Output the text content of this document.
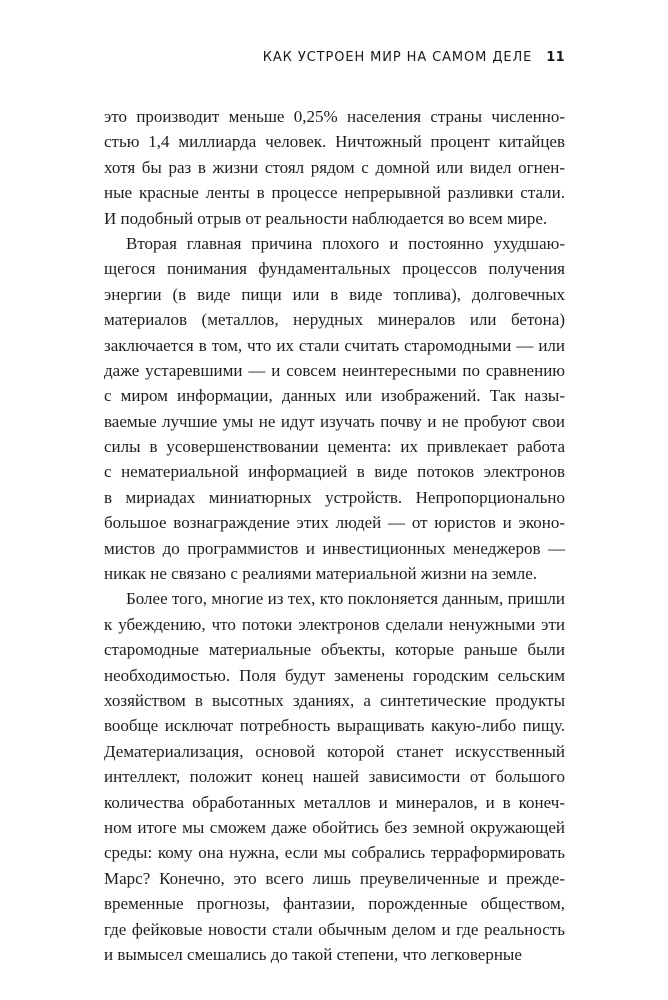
КАК УСТРОЕН МИР НА САМОМ ДЕЛЕ 11
это производит меньше 0,25% населения страны численно-
стью 1,4 миллиарда человек. Ничтожный процент китайцев
хотя бы раз в жизни стоял рядом с домной или видел огнен-
ные красные ленты в процессе непрерывной разливки стали.
И подобный отрыв от реальности наблюдается во всем мире.
Вторая главная причина плохого и постоянно ухудшаю-
щегося понимания фундаментальных процессов получения
энергии (в виде пищи или в виде топлива), долговечных
материалов (металлов, нерудных минералов или бетона)
заключается в том, что их стали считать старомодными — или
даже устаревшими — и совсем неинтересными по сравнению
с миром информации, данных или изображений. Так назы-
ваемые лучшие умы не идут изучать почву и не пробуют свои
силы в усовершенствовании цемента: их привлекает работа
с нематериальной информацией в виде потоков электронов
в мириадах миниатюрных устройств. Непропорционально
большое вознаграждение этих людей — от юристов и эконо-
мистов до программистов и инвестиционных менеджеров —
никак не связано с реалиями материальной жизни на земле.
Более того, многие из тех, кто поклоняется данным, пришли
к убеждению, что потоки электронов сделали ненужными эти
старомодные материальные объекты, которые раньше были
необходимостью. Поля будут заменены городским сельским
хозяйством в высотных зданиях, а синтетические продукты
вообще исключат потребность выращивать какую-либо пищу.
Дематериализация, основой которой станет искусственный
интеллект, положит конец нашей зависимости от большого
количества обработанных металлов и минералов, и в конеч-
ном итоге мы сможем даже обойтись без земной окружающей
среды: кому она нужна, если мы собрались терраформировать
Марс? Конечно, это всего лишь преувеличенные и прежде-
временные прогнозы, фантазии, порожденные обществом,
где фейковые новости стали обычным делом и где реальность
и вымысел смешались до такой степени, что легковерные
